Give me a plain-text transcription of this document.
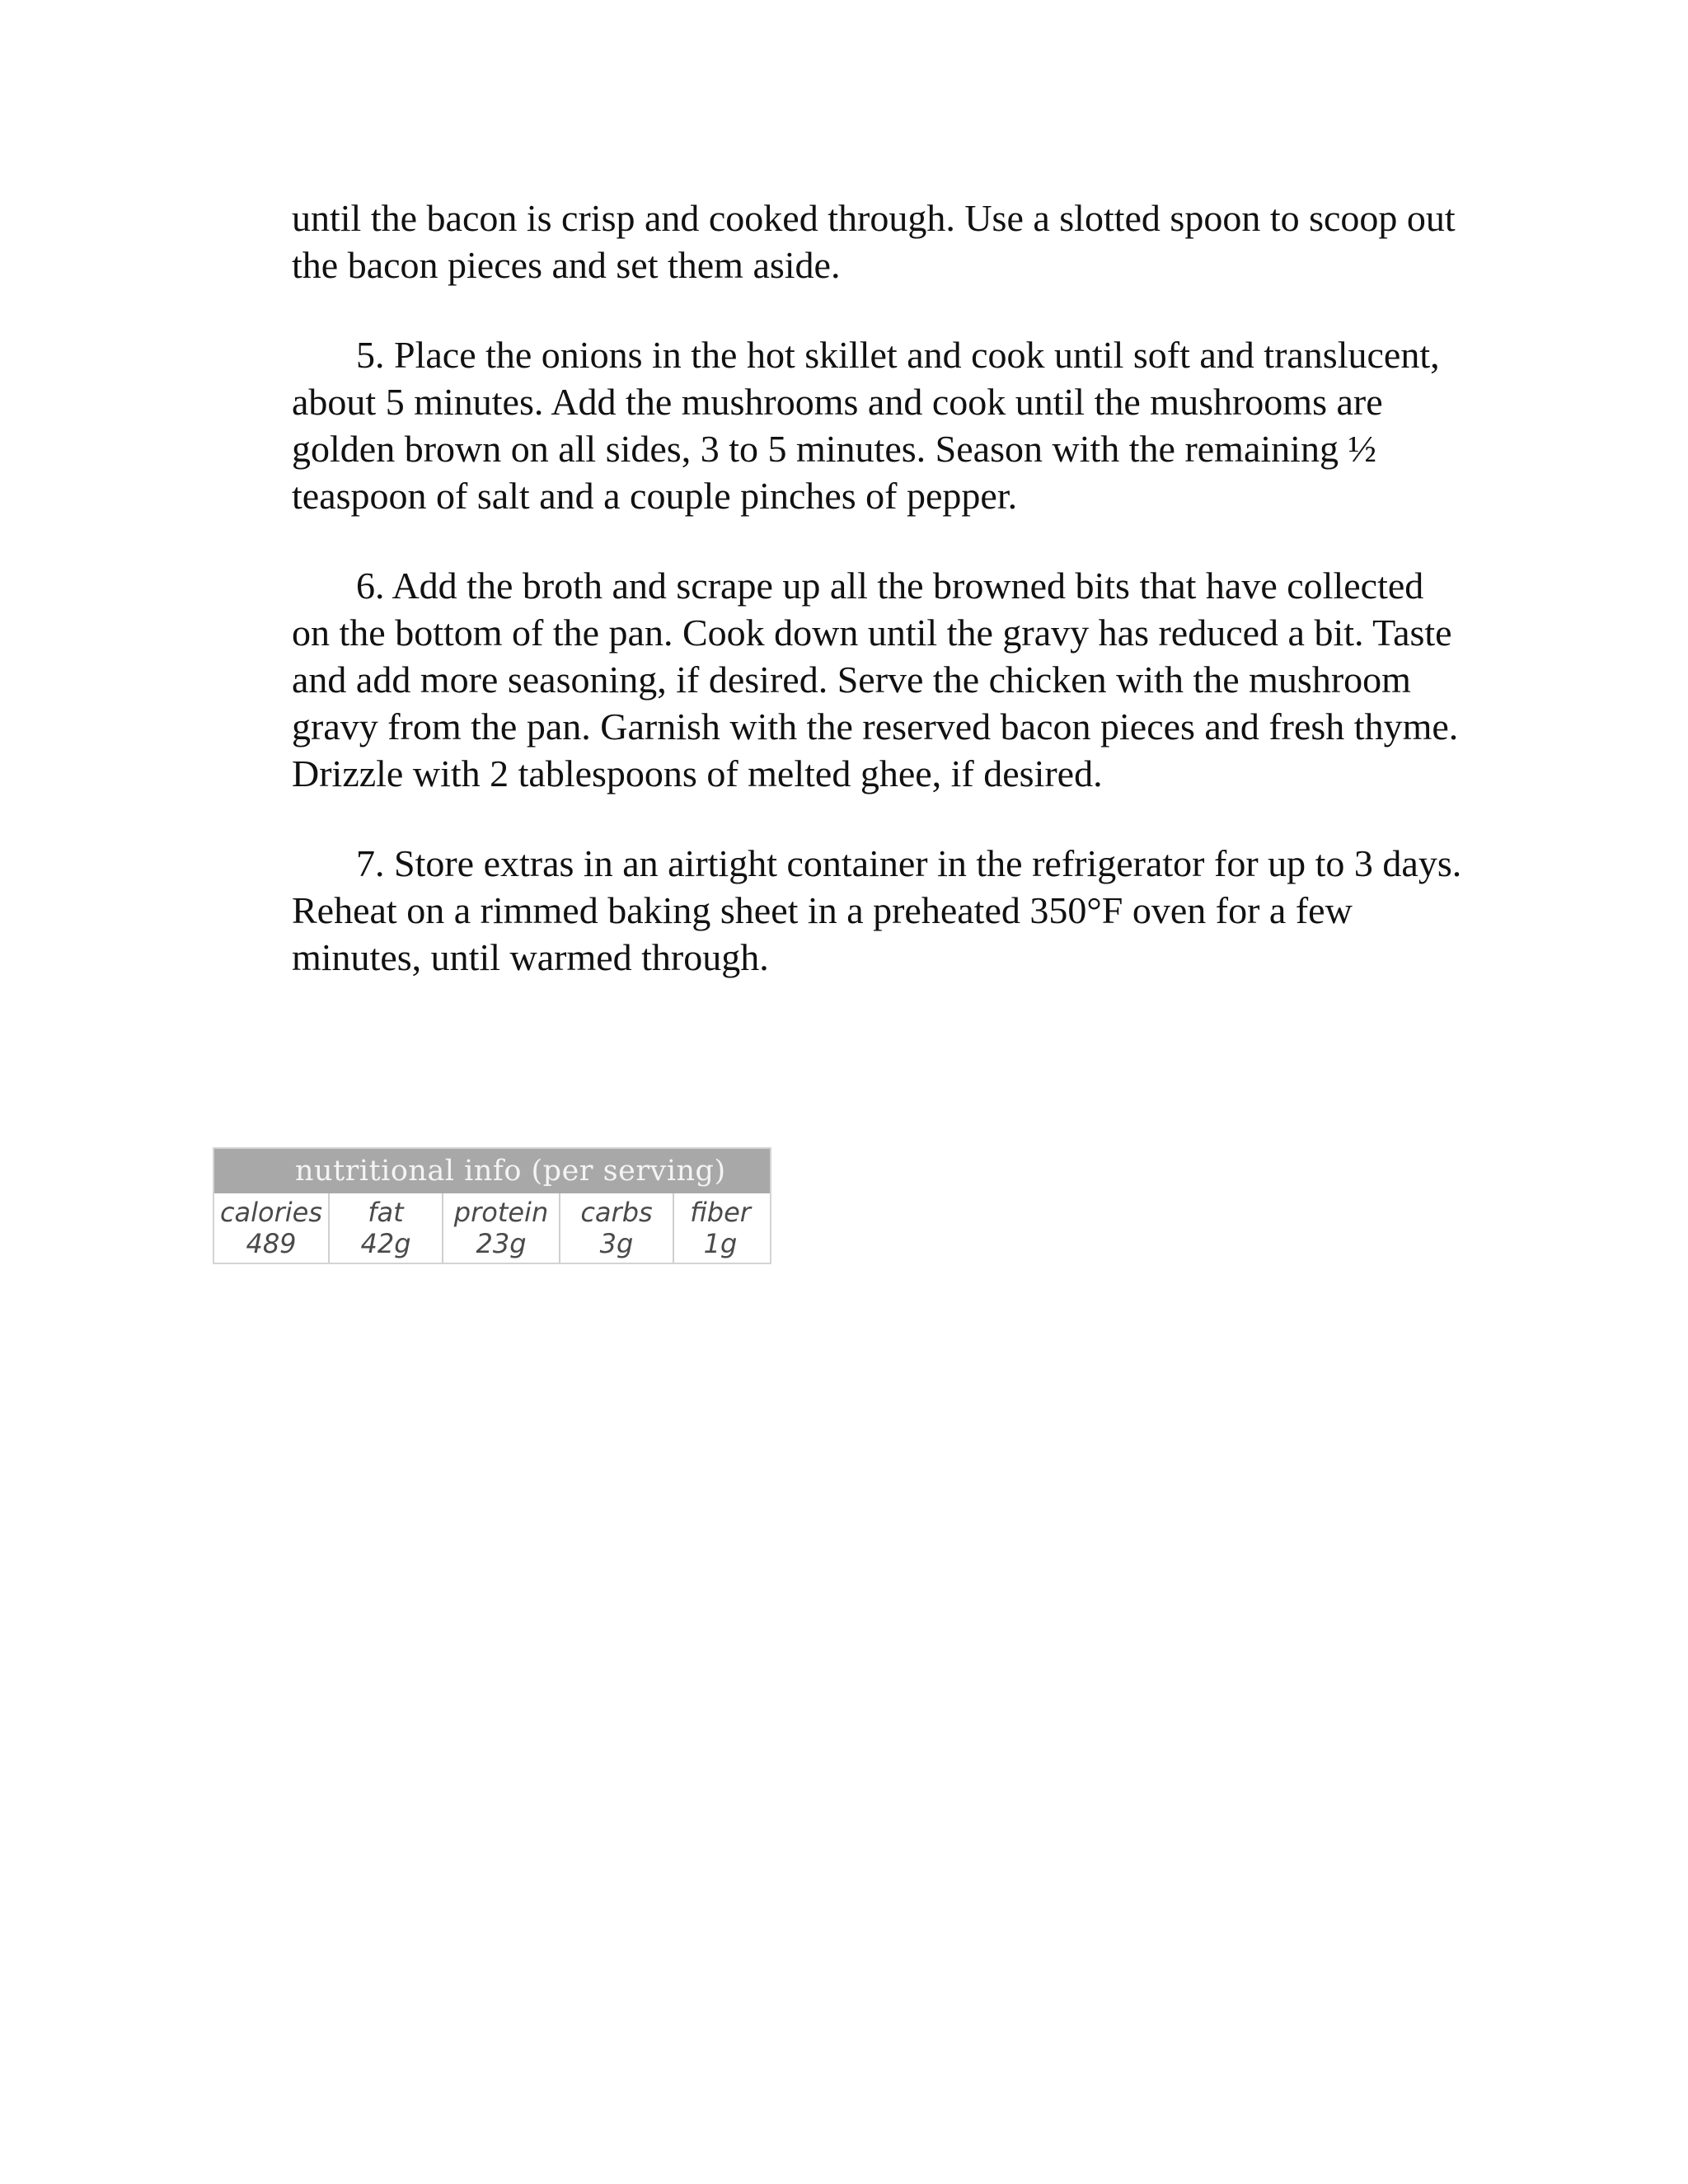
until the bacon is crisp and cooked through. Use a slotted spoon to scoop out the bacon pieces and set them aside.

5. Place the onions in the hot skillet and cook until soft and translucent, about 5 minutes. Add the mushrooms and cook until the mushrooms are golden brown on all sides, 3 to 5 minutes. Season with the remaining ½ teaspoon of salt and a couple pinches of pepper.

6. Add the broth and scrape up all the browned bits that have collected on the bottom of the pan. Cook down until the gravy has reduced a bit. Taste and add more seasoning, if desired. Serve the chicken with the mushroom gravy from the pan. Garnish with the reserved bacon pieces and fresh thyme. Drizzle with 2 tablespoons of melted ghee, if desired.

7. Store extras in an airtight container in the refrigerator for up to 3 days. Reheat on a rimmed baking sheet in a preheated 350°F oven for a few minutes, until warmed through.

nutritional info (per serving)
calories
489
fat
42g
protein
23g
carbs
3g
fiber
1g
